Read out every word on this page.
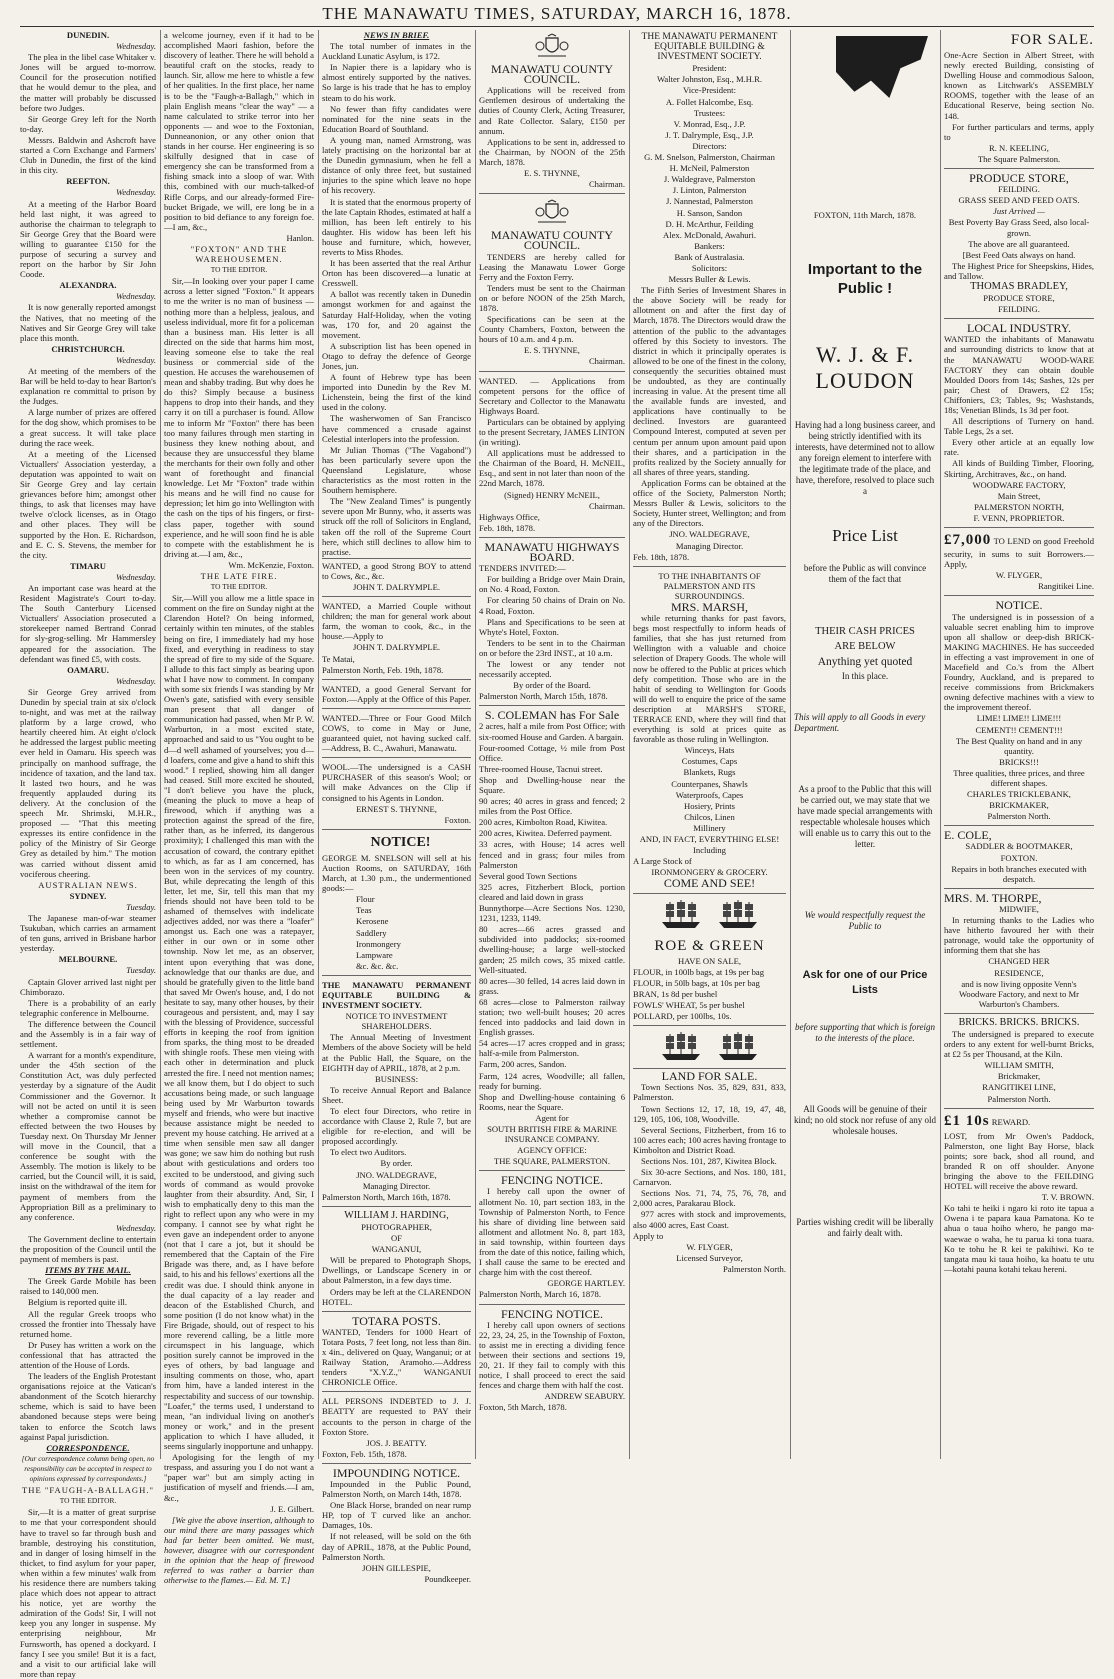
THE MANAWATU TIMES, SATURDAY, MARCH 16, 1878.

DUNEDIN.

Wednesday.

The plea in the libel case Whitaker v. Jones will be argued to-morrow. Council for the prosecution notified that he would demur to the plea, and the matter will probably be discussed before two Judges.

Sir George Grey left for the North to-day.

Messrs. Baldwin and Ashcroft have started a Corn Exchange and Farmers' Club in Dunedin, the first of the kind in this city.

REEFTON.

Wednesday.

At a meeting of the Harbor Board held last night, it was agreed to authorise the chairman to telegraph to Sir George Grey that the Board were willing to guarantee £150 for the purpose of securing a survey and report on the harbor by Sir John Coode.

ALEXANDRA.

Wednesday.

It is now generally reported amongst the Natives, that no meeting of the Natives and Sir George Grey will take place this month.

CHRISTCHURCH.

Wednesday.

At meeting of the members of the Bar will be held to-day to hear Barton's explanation re committal to prison by the Judges.

A large number of prizes are offered for the dog show, which promises to be a great success. It will take place during the race week.

At a meeting of the Licensed Victuallers' Association yesterday, a deputation was appointed to wait on Sir George Grey and lay certain grievances before him; amongst other things, to ask that licenses may have twelve o'clock licenses, as in Otago and other places. They will be supported by the Hon. E. Richardson, and E. C. S. Stevens, the member for the city.

TIMARU

Wednesday.

An important case was heard at the Resident Magistrate's Court to-day. The South Canterbury Licensed Victuallers' Association prosecuted a storekeeper named Bertrand Conrad for sly-grog-selling. Mr Hammersley appeared for the association. The defendant was fined £5, with costs.

OAMARU.

Wednesday.

Sir George Grey arrived from Dunedin by special train at six o'clock to-night, and was met at the railway platform by a large crowd, who heartily cheered him. At eight o'clock he addressed the largest public meeting ever held in Oamaru. His speech was principally on manhood suffrage, the incidence of taxation, and the land tax. It lasted two hours, and he was frequently applauded during its delivery. At the conclusion of the speech Mr. Shrimski, M.H.R., proposed — "That this meeting expresses its entire confidence in the policy of the Ministry of Sir George Grey as detailed by him." The motion was carried without dissent amid vociferous cheering.

AUSTRALIAN NEWS.

SYDNEY.

Tuesday.

The Japanese man-of-war steamer Tsukuban, which carries an armament of ten guns, arrived in Brisbane harbor yesterday.

MELBOURNE.

Tuesday.

Captain Glover arrived last night per Chimborazo.

There is a probability of an early telegraphic conference in Melbourne.

The difference between the Council and the Assembly is in a fair way of settlement.

A warrant for a month's expenditure, under the 45th section of the Constitution Act, was duly perfected yesterday by a signature of the Audit Commissioner and the Governor. It will not be acted on until it is seen whether a compromise cannot be effected between the two Houses by Tuesday next. On Thursday Mr Jenner will move in the Council, that a conference be sought with the Assembly. The motion is likely to be carried, but the Council will, it is said, insist on the withdrawal of the item for payment of members from the Appropriation Bill as a preliminary to any conference.

Wednesday.

The Government decline to entertain the proposition of the Council until the payment of members is past.

ITEMS BY THE MAIL.

The Greek Garde Mobile has been raised to 140,000 men.

Belgium is reported quite ill.

All the regular Greek troops who crossed the frontier into Thessaly have returned home.

Dr Pusey has written a work on the confessional that has attracted the attention of the House of Lords.

The leaders of the English Protestant organisations rejoice at the Vatican's abandonment of the Scotch hierarchy scheme, which is said to have been abandoned because steps were being taken to enforce the Scotch laws against Papal jurisdiction.

CORRESPONDENCE.

[Our correspondence column being open, no responsibility can be accepted in respect to opinions expressed by correspondents.]

THE "FAUGH-A-BALLAGH."

TO THE EDITOR.

Sir,—It is a matter of great surprise to me that your correspondent should have to travel so far through bush and bramble, destroying his constitution, and in danger of losing himself in the thicket, to find asylum for your paper, when within a few minutes' walk from his residence there are numbers taking place which does not appear to attract his notice, yet are worthy the admiration of the Gods! Sir, I will not keep you any longer in suspense. My enterprising neighbour, Mr Furnsworth, has opened a dockyard. I fancy I see you smile! But it is a fact, and a visit to our artificial lake will more than repay

a welcome journey, even if it had to be accomplished Maori fashion, before the discovery of leather. There he will behold a beautiful craft on the stocks, ready to launch. Sir, allow me here to whistle a few of her qualities. In the first place, her name is to be the "Faugh-a-Ballagh," which in plain English means "clear the way" — a name calculated to strike terror into her opponents — and woe to the Foxtonian, Dunneanonion, or any other onion that stands in her course. Her engineering is so skilfully designed that in case of emergency she can be transformed from a fishing smack into a sloop of war. With this, combined with our much-talked-of Rifle Corps, and our already-formed Fire-bucket Brigade, we will, ere long be in a position to bid defiance to any foreign foe.—I am, &c.,

Hanlon.

"FOXTON" AND THE WAREHOUSEMEN.

TO THE EDITOR.

Sir,—In looking over your paper I came across a letter signed "Foxton." It appears to me the writer is no man of business — nothing more than a helpless, jealous, and useless individual, more fit for a policeman than a business man. His letter is all directed on the side that harms him most, leaving someone else to take the real business or commercial side of the question. He accuses the warehousemen of mean and shabby trading. But why does he do this? Simply because a business happens to drop into their hands, and they carry it on till a purchaser is found. Allow me to inform Mr "Foxton" there has been too many failures through men starting in business they knew nothing about, and because they are unsuccessful they blame the merchants for their own folly and other want of forethought and financial knowledge. Let Mr "Foxton" trade within his means and he will find no cause for depression; let him go into Wellington with the cash on the tips of his fingers, or first-class paper, together with sound experience, and he will soon find he is able to compete with the establishment he is driving at.—I am, &c.,

Wm. McKenzie, Foxton.

THE LATE FIRE.

TO THE EDITOR.

Sir,—Will you allow me a little space in comment on the fire on Sunday night at the Clarendon Hotel? On being informed, certainly within ten minutes, of the stables being on fire, I immediately had my hose fixed, and everything in readiness to stay the spread of fire to my side of the Square. I allude to this fact simply as bearing upon what I have now to comment. In company with some six friends I was standing by Mr Owen's gate, satisfied with every sensible man present that all danger of communication had passed, when Mr P. W. Warburton, in a most excited state, approached and said to us "You ought to be d—d well ashamed of yourselves; you d—d loafers, come and give a hand to shift this wood." I replied, showing him all danger had ceased. Still more excited he shouted, "I don't believe you have the pluck, (meaning the pluck to move a heap of firewood, which if anything was a protection against the spread of the fire, rather than, as he inferred, its dangerous proximity); I challenged this man with the accusation of coward, the contrary epithet to which, as far as I am concerned, has been won in the services of my country. But, while deprecating the length of this letter, let me, Sir, tell this man that my friends should not have been told to be ashamed of themselves with indelicate adjectives added, nor was there a "loafer" amongst us. Each one was a ratepayer, either in our own or in some other township. Now let me, as an observer, intent upon everything that was done, acknowledge that our thanks are due, and should be gratefully given to the little band that saved Mr Owen's house, and, I do not hesitate to say, many other houses, by their courageous and persistent, and, may I say with the blessing of Providence, successful efforts in keeping the roof from ignition from sparks, the thing most to be dreaded with shingle roofs. These men vieing with each other in determination and pluck arrested the fire. I need not mention names; we all know them, but I do object to such accusations being made, or such language being used by Mr Warburton towards myself and friends, who were but inactive because assistance might be needed to prevent my house catching. He arrived at a time when sensible men saw all danger was gone; we saw him do nothing but rush about with gesticulations and orders too excited to be understood, and giving such words of command as would provoke laughter from their absurdity. And, Sir, I wish to emphatically deny to this man the right to reflect upon any who were in my company. I cannot see by what right he even gave an independent order to anyone (not that I care a jot, but it should be remembered that the Captain of the Fire Brigade was there, and, as I have before said, to his and his fellows' exertions all the credit was due. I should think anyone in the dual capacity of a lay reader and deacon of the Established Church, and some position (I do not know what) in the Fire Brigade, should, out of respect to his more reverend calling, be a little more circumspect in his language, which position surely cannot be improved in the eyes of others, by bad language and insulting comments on those, who, apart from him, have a landed interest in the respectability and success of our township. "Loafer," the terms used, I understand to mean, "an individual living on another's money or work," and in the present application to which I have alluded, it seems singularly inopportune and unhappy.

Apologising for the length of my trespass, and assuring you I do not want a "paper war" but am simply acting in justification of myself and friends.—I am, &c.,

J. E. Gilbert.

[We give the above insertion, although to our mind there are many passages which had far better been omitted. We must, however, disagree with our correspondent in the opinion that the heap of firewood referred to was rather a barrier than otherwise to the flames.— Ed. M. T.]

NEWS IN BRIEF.

The total number of inmates in the Auckland Lunatic Asylum, is 172.

In Napier there is a lapidary who is almost entirely supported by the natives. So large is his trade that he has to employ steam to do his work.

No fewer than fifty candidates were nominated for the nine seats in the Education Board of Southland.

A young man, named Armstrong, was lately practising on the horizontal bar at the Dunedin gymnasium, when he fell a distance of only three feet, but sustained injuries to the spine which leave no hope of his recovery.

It is stated that the enormous property of the late Captain Rhodes, estimated at half a million, has been left entirely to his daughter. His widow has been left his house and furniture, which, however, reverts to Miss Rhodes.

It has been asserted that the real Arthur Orton has been discovered—a lunatic at Cresswell.

A ballot was recently taken in Dunedin amongst workmen for and against the Saturday Half-Holiday, when the voting was, 170 for, and 20 against the movement.

A subscription list has been opened in Otago to defray the defence of George Jones, jun.

A fount of Hebrew type has been imported into Dunedin by the Rev M. Lichenstein, being the first of the kind used in the colony.

The washerwomen of San Francisco have commenced a crusade against Celestial interlopers into the profession.

Mr Julian Thomas ("The Vagabond") has been particularly severe upon the Queensland Legislature, whose characteristics as the most rotten in the Southern hemisphere.

The "New Zealand Times" is pungently severe upon Mr Bunny, who, it asserts was struck off the roll of Solicitors in England, taken off the roll of the Supreme Court here, which still declines to allow him to practise.

WANTED, a good Strong BOY to attend to Cows, &c., &c.

JOHN T. DALRYMPLE.

WANTED, a Married Couple without children; the man for general work about farm, the woman to cook, &c., in the house.—Apply to

JOHN T. DALRYMPLE.

Te Matai,

Palmerston North, Feb. 19th, 1878.

WANTED, a good General Servant for Foxton.—Apply at the Office of this Paper.

WANTED.—Three or Four Good Milch COWS, to come in May or June, guaranteed quiet, not having sucked calf.—Address, B. C., Awahuri, Manawatu.

WOOL.—The undersigned is a CASH PURCHASER of this season's Wool; or will make Advances on the Clip if consigned to his Agents in London.

ERNEST S. THYNNE,

Foxton.

NOTICE!

GEORGE M. SNELSON will sell at his Auction Rooms, on SATURDAY, 16th March, at 1.30 p.m., the undermentioned goods:—

Flour

Teas

Kerosene

Saddlery

Ironmongery

Lampware

&c. &c. &c.

THE MANAWATU PERMANENT EQUITABLE BUILDING & INVESTMENT SOCIETY.

NOTICE TO INVESTMENT SHAREHOLDERS.

The Annual Meeting of Investment Members of the above Society will be held at the Public Hall, the Square, on the EIGHTH day of APRIL, 1878, at 2 p.m.

BUSINESS:

To receive Annual Report and Balance Sheet.

To elect four Directors, who retire in accordance with Clause 2, Rule 7, but are eligible for re-election, and will be proposed accordingly.

To elect two Auditors.

By order.

JNO. WALDEGRAVE,

Managing Director.

Palmerston North, March 16th, 1878.

WILLIAM J. HARDING,

PHOTOGRAPHER,

OF

WANGANUI,

Will be prepared to Photograph Shops, Dwellings, or Landscape Scenery in or about Palmerston, in a few days time.

Orders may be left at the CLARENDON HOTEL.

TOTARA POSTS.

WANTED, Tenders for 1000 Heart of Totara Posts, 7 feet long, not less than 8in. x 4in., delivered on Quay, Wanganui; or at Railway Station, Aramoho.—Address tenders "X.Y.Z.," WANGANUI CHRONICLE Office.

ALL PERSONS INDEBTED to J. J. BEATTY are requested to PAY their accounts to the person in charge of the Foxton Store.

JOS. J. BEATTY.

Foxton, Feb. 15th, 1878.

IMPOUNDING NOTICE.

Impounded in the Public Pound, Palmerston North, on March 14th, 1878.

One Black Horse, branded on near rump HP, top of T curved like an anchor. Damages, 10s.

If not released, will be sold on the 6th day of APRIL, 1878, at the Public Pound, Palmerston North.

JOHN GILLESPIE,

Poundkeeper.

MANAWATU COUNTY COUNCIL.

Applications will be received from Gentlemen desirous of undertaking the duties of County Clerk, Acting Treasurer, and Rate Collector. Salary, £150 per annum.

Applications to be sent in, addressed to the Chairman, by NOON of the 25th March, 1878.

E. S. THYNNE,

Chairman.

MANAWATU COUNTY COUNCIL.

TENDERS are hereby called for Leasing the Manawatu Lower Gorge Ferry and the Foxton Ferry.

Tenders must be sent to the Chairman on or before NOON of the 25th March, 1878.

Specifications can be seen at the County Chambers, Foxton, between the hours of 10 a.m. and 4 p.m.

E. S. THYNNE,

Chairman.

WANTED. — Applications from competent persons for the office of Secretary and Collector to the Manawatu Highways Board.

Particulars can be obtained by applying to the present Secretary, JAMES LINTON (in writing).

All applications must be addressed to the Chairman of the Board, H. McNEIL, Esq., and sent in not later than noon of the 22nd March, 1878.

(Signed) HENRY McNEIL,

Chairman.

Highways Office,

Feb. 18th, 1878.

MANAWATU HIGHWAYS BOARD.

TENDERS INVITED:—

For building a Bridge over Main Drain, on No. 4 Road, Foxton.

For clearing 50 chains of Drain on No. 4 Road, Foxton.

Plans and Specifications to be seen at Whyte's Hotel, Foxton.

Tenders to be sent in to the Chairman on or before the 23rd INST., at 10 a.m.

The lowest or any tender not necessarily accepted.

By order of the Board.

Palmerston North, March 15th, 1878.

S. COLEMAN has For Sale

2 acres, half a mile from Post Office; with six-roomed House and Garden. A bargain.

Four-roomed Cottage, ½ mile from Post Office.

Three-roomed House, Tacnui street.

Shop and Dwelling-house near the Square.

90 acres; 40 acres in grass and fenced; 2 miles from the Post Office.

200 acres, Kimbolton Road, Kiwitea.

200 acres, Kiwitea. Deferred payment.

33 acres, with House; 14 acres well fenced and in grass; four miles from Palmerston

Several good Town Sections

325 acres, Fitzherbert Block, portion cleared and laid down in grass

Bunnythorpe—Acre Sections Nos. 1230, 1231, 1233, 1149.

80 acres—66 acres grassed and subdivided into paddocks; six-roomed dwelling-house; a large well-stocked garden; 25 milch cows, 35 mixed cattle. Well-situated.

80 acres—30 felled, 14 acres laid down in grass.

68 acres—close to Palmerston railway station; two well-built houses; 20 acres fenced into paddocks and laid down in English grasses.

54 acres—17 acres cropped and in grass; half-a-mile from Palmerston.

Farm, 200 acres, Sandon.

Farm, 124 acres, Woodville; all fallen, ready for burning.

Shop and Dwelling-house containing 6 Rooms, near the Square.

Agent for

SOUTH BRITISH FIRE & MARINE INSURANCE COMPANY.

AGENCY OFFICE:

THE SQUARE, PALMERSTON.

FENCING NOTICE.

I hereby call upon the owner of allotment No. 10, part section 183, in the Township of Palmerston North, to Fence his share of dividing line between said allotment and allotment No. 8, part 183, in said township, within fourteen days from the date of this notice, failing which, I shall cause the same to be erected and charge him with the cost thereof.

GEORGE HARTLEY.

Palmerston North, March 16, 1878.

FENCING NOTICE.

I hereby call upon owners of sections 22, 23, 24, 25, in the Township of Foxton, to assist me in erecting a dividing fence between their sections and sections 19, 20, 21. If they fail to comply with this notice, I shall proceed to erect the said fences and charge them with half the cost.

ANDREW SEABURY.

Foxton, 5th March, 1878.

THE MANAWATU PERMANENT EQUITABLE BUILDING & INVESTMENT SOCIETY.

President:

Walter Johnston, Esq., M.H.R.

Vice-President:

A. Follet Halcombe, Esq.

Trustees:

V. Monrad, Esq., J.P.

J. T. Dalrymple, Esq., J.P.

Directors:

G. M. Snelson, Palmerston, Chairman

H. McNeil, Palmerston

J. Waldegrave, Palmerston

J. Linton, Palmerston

J. Nannestad, Palmerston

H. Sanson, Sandon

D. H. McArthur, Feilding

Alex. McDonald, Awahuri.

Bankers:

Bank of Australasia.

Solicitors:

Messrs Buller & Lewis.

The Fifth Series of Investment Shares in the above Society will be ready for allotment on and after the first day of March, 1878. The Directors would draw the attention of the public to the advantages offered by this Society to investors. The district in which it principally operates is allowed to be one of the finest in the colony, consequently the securities obtained must be undoubted, as they are continually increasing in value. At the present time all the available funds are invested, and applications have continually to be declined. Investors are guaranteed Compound Interest, computed at seven per centum per annum upon amount paid upon their shares, and a participation in the profits realized by the Society annually for all shares of three years, standing.

Application Forms can be obtained at the office of the Society, Palmerston North; Messrs Buller & Lewis, solicitors to the Society, Hunter street, Wellington; and from any of the Directors.

JNO. WALDEGRAVE,

Managing Director.

Feb. 18th, 1878.

TO THE INHABITANTS OF PALMERSTON AND ITS SURROUNDINGS.

MRS. MARSH,

while returning thanks for past favors, begs most respectfully to inform heads of families, that she has just returned from Wellington with a valuable and choice selection of Drapery Goods. The whole will now be offered to the Public at prices which defy competition. Those who are in the habit of sending to Wellington for Goods will do well to enquire the price of the same description at MARSH'S STORE, TERRACE END, where they will find that everything is sold at prices quite as favorable as those ruling in Wellington.

Winceys, Hats

Costumes, Caps

Blankets, Rugs

Counterpanes, Shawls

Waterproofs, Capes

Hosiery, Prints

Chilcos, Linen

Millinery

AND, IN FACT, EVERYTHING ELSE!

Including

A Large Stock of

IRONMONGERY & GROCERY.

COME AND SEE!

ROE & GREEN

HAVE ON SALE,

FLOUR, in 100lb bags, at 19s per bag

FLOUR, in 50lb bags, at 10s per bag

BRAN, 1s 8d per bushel

FOWLS' WHEAT, 5s per bushel

POLLARD, per 100lbs, 10s.

LAND FOR SALE.

Town Sections Nos. 35, 829, 831, 833, Palmerston.

Town Sections 12, 17, 18, 19, 47, 48, 129, 105, 106, 108, Woodville.

Several Sections, Fitzherbert, from 16 to 100 acres each; 100 acres having frontage to Kimbolton and District Road.

Sections Nos. 101, 287, Kiwitea Block.

Six 30-acre Sections, and Nos. 180, 181, Carnarvon.

Sections Nos. 71, 74, 75, 76, 78, and 2,000 acres, Parakarau Block.

977 acres with stock and improvements, also 4000 acres, East Coast.

Apply to

W. FLYGER,

Licensed Surveyor,

Palmerston North.

FOXTON, 11th March, 1878.

Important to the Public !

W. J. & F. LOUDON

Having had a long business career, and being strictly identified with its interests, have determined not to allow any foreign element to interfere with the legitimate trade of the place, and have, therefore, resolved to place such a

Price List

before the Public as will convince them of the fact that

THEIR CASH PRICES

ARE BELOW

Anything yet quoted

In this place.

This will apply to all Goods in every Department.

As a proof to the Public that this will be carried out, we may state that we have made special arrangements with respectable wholesale houses which will enable us to carry this out to the letter.

We would respectfully request the Public to

Ask for one of our Price Lists

before supporting that which is foreign to the interests of the place.

All Goods will be genuine of their kind; no old stock nor refuse of any old wholesale houses.

Parties wishing credit will be liberally and fairly dealt with.

FOR SALE.

One-Acre Section in Albert Street, with newly erected Building, consisting of Dwelling House and commodious Saloon, known as Litchwark's ASSEMBLY ROOMS, together with the lease of an Educational Reserve, being section No. 148.

For further particulars and terms, apply to

R. N. KEELING,

The Square Palmerston.

PRODUCE STORE,

FEILDING.

GRASS SEED AND FEED OATS.

Just Arrived —

Best Poverty Bay Grass Seed, also local-grown.

The above are all guaranteed.

[Best Feed Oats always on hand.

The Highest Price for Sheepskins, Hides, and Tallow.

THOMAS BRADLEY,

PRODUCE STORE,

FEILDING.

LOCAL INDUSTRY.

WANTED the inhabitants of Manawatu and surrounding districts to know that at the MANAWATU WOOD-WARE FACTORY they can obtain double Moulded Doors from 14s; Sashes, 12s per pair; Chest of Drawers, £2 15s; Chiffoniers, £3; Tables, 9s; Washstands, 18s; Venetian Blinds, 1s 3d per foot.

All descriptions of Turnery on hand. Table Legs, 2s a set.

Every other article at an equally low rate.

All kinds of Building Timber, Flooring, Skirting, Architraves, &c., on hand.

WOODWARE FACTORY,

Main Street,

PALMERSTON NORTH,

F. VENN, PROPRIETOR.

£7,000 TO LEND on good Freehold security, in sums to suit Borrowers.—Apply,

W. FLYGER,

Rangitikei Line.

NOTICE.

The undersigned is in possession of a valuable secret enabling him to improve upon all shallow or deep-dish BRICK-MAKING MACHINES. He has succeeded in effecting a vast improvement in one of Macefield and Co.'s from the Albert Foundry, Auckland, and is prepared to receive commissions from Brickmakers owning defective machines with a view to the improvement thereof.

LIME! LIME!! LIME!!!

CEMENT!! CEMENT!!!

The Best Quality on hand and in any quantity.

BRICKS!!!

Three qualities, three prices, and three different shapes.

CHARLES TRICKLEBANK,

BRICKMAKER,

Palmerston North.

E. COLE,

SADDLER & BOOTMAKER,

FOXTON.

Repairs in both branches executed with despatch.

MRS. M. THORPE,

MIDWIFE,

In returning thanks to the Ladies who have hitherto favoured her with their patronage, would take the opportunity of informing them that she has

CHANGED HER

RESIDENCE,

and is now living opposite Venn's Woodware Factory, and next to Mr Warburton's Chambers.

BRICKS. BRICKS. BRICKS.

The undersigned is prepared to execute orders to any extent for well-burnt Bricks, at £2 5s per Thousand, at the Kiln.

WILLIAM SMITH,

Brickmaker,

RANGITIKEI LINE,

Palmerston North.

£1 10s REWARD.

LOST, from Mr Owen's Paddock, Palmerston, one light Bay Horse, black points; sore back, shod all round, and branded R on off shoulder. Anyone bringing the above to the FEILDING HOTEL will receive the above reward.

T. V. BROWN.

Ko tahi te heiki i ngaro ki roto ite tapua a Owena i te papara kaua Pamatona. Ko te ahua o taua hoiho whero, he pango ma-waewae o waha, he tu parua ki tona tuara. Ko te tohu he R kei te pakihiwi. Ko te tangata mau ki taua hoiho, ka hoatu te utu—kotahi pauna kotahi tekau hereni.
